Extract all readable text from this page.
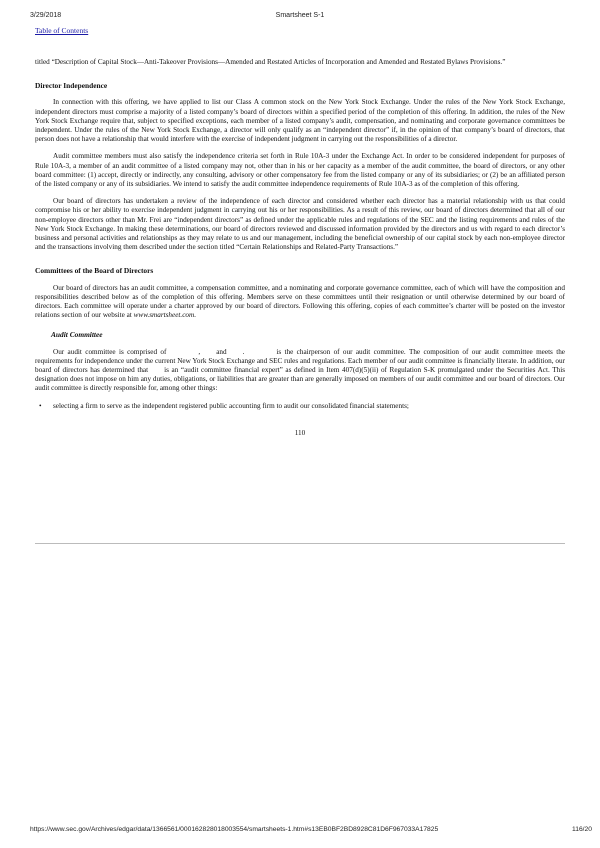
3/29/2018	Smartsheet S-1
Table of Contents

titled “Description of Capital Stock—Anti-Takeover Provisions—Amended and Restated Articles of Incorporation and Amended and Restated Bylaws Provisions.”

Director Independence

In connection with this offering, we have applied to list our Class A common stock on the New York Stock Exchange. Under the rules of the New York Stock Exchange, independent directors must comprise a majority of a listed company’s board of directors within a specified period of the completion of this offering. In addition, the rules of the New York Stock Exchange require that, subject to specified exceptions, each member of a listed company’s audit, compensation, and nominating and corporate governance committees be independent. Under the rules of the New York Stock Exchange, a director will only qualify as an “independent director” if, in the opinion of that company’s board of directors, that person does not have a relationship that would interfere with the exercise of independent judgment in carrying out the responsibilities of a director.

Audit committee members must also satisfy the independence criteria set forth in Rule 10A-3 under the Exchange Act. In order to be considered independent for purposes of Rule 10A-3, a member of an audit committee of a listed company may not, other than in his or her capacity as a member of the audit committee, the board of directors, or any other board committee: (1) accept, directly or indirectly, any consulting, advisory or other compensatory fee from the listed company or any of its subsidiaries; or (2) be an affiliated person of the listed company or any of its subsidiaries. We intend to satisfy the audit committee independence requirements of Rule 10A-3 as of the completion of this offering.

Our board of directors has undertaken a review of the independence of each director and considered whether each director has a material relationship with us that could compromise his or her ability to exercise independent judgment in carrying out his or her responsibilities. As a result of this review, our board of directors determined that all of our non-employee directors other than Mr. Frei are “independent directors” as defined under the applicable rules and regulations of the SEC and the listing requirements and rules of the New York Stock Exchange. In making these determinations, our board of directors reviewed and discussed information provided by the directors and us with regard to each director’s business and personal activities and relationships as they may relate to us and our management, including the beneficial ownership of our capital stock by each non-employee director and the transactions involving them described under the section titled “Certain Relationships and Related-Party Transactions.”

Committees of the Board of Directors

Our board of directors has an audit committee, a compensation committee, and a nominating and corporate governance committee, each of which will have the composition and responsibilities described below as of the completion of this offering. Members serve on these committees until their resignation or until otherwise determined by our board of directors. Each committee will operate under a charter approved by our board of directors. Following this offering, copies of each committee’s charter will be posted on the investor relations section of our website at www.smartsheet.com.

Audit Committee

Our audit committee is comprised of	, and .	is the chairperson of our audit committee. The composition of our audit committee meets the requirements for independence under the current New York Stock Exchange and SEC rules and regulations. Each member of our audit committee is financially literate. In addition, our board of directors has determined that is an “audit committee financial expert” as defined in Item 407(d)(5)(ii) of Regulation S-K promulgated under the Securities Act. This designation does not impose on him any duties, obligations, or liabilities that are greater than are generally imposed on members of our audit committee and our board of directors. Our audit committee is directly responsible for, among other things:

•	selecting a firm to serve as the independent registered public accounting firm to audit our consolidated financial statements;
110
https://www.sec.gov/Archives/edgar/data/1366561/000162828018003554/smartsheets-1.htm#s13EB0BF2BD8928C81D6F967033A17825	116/20
